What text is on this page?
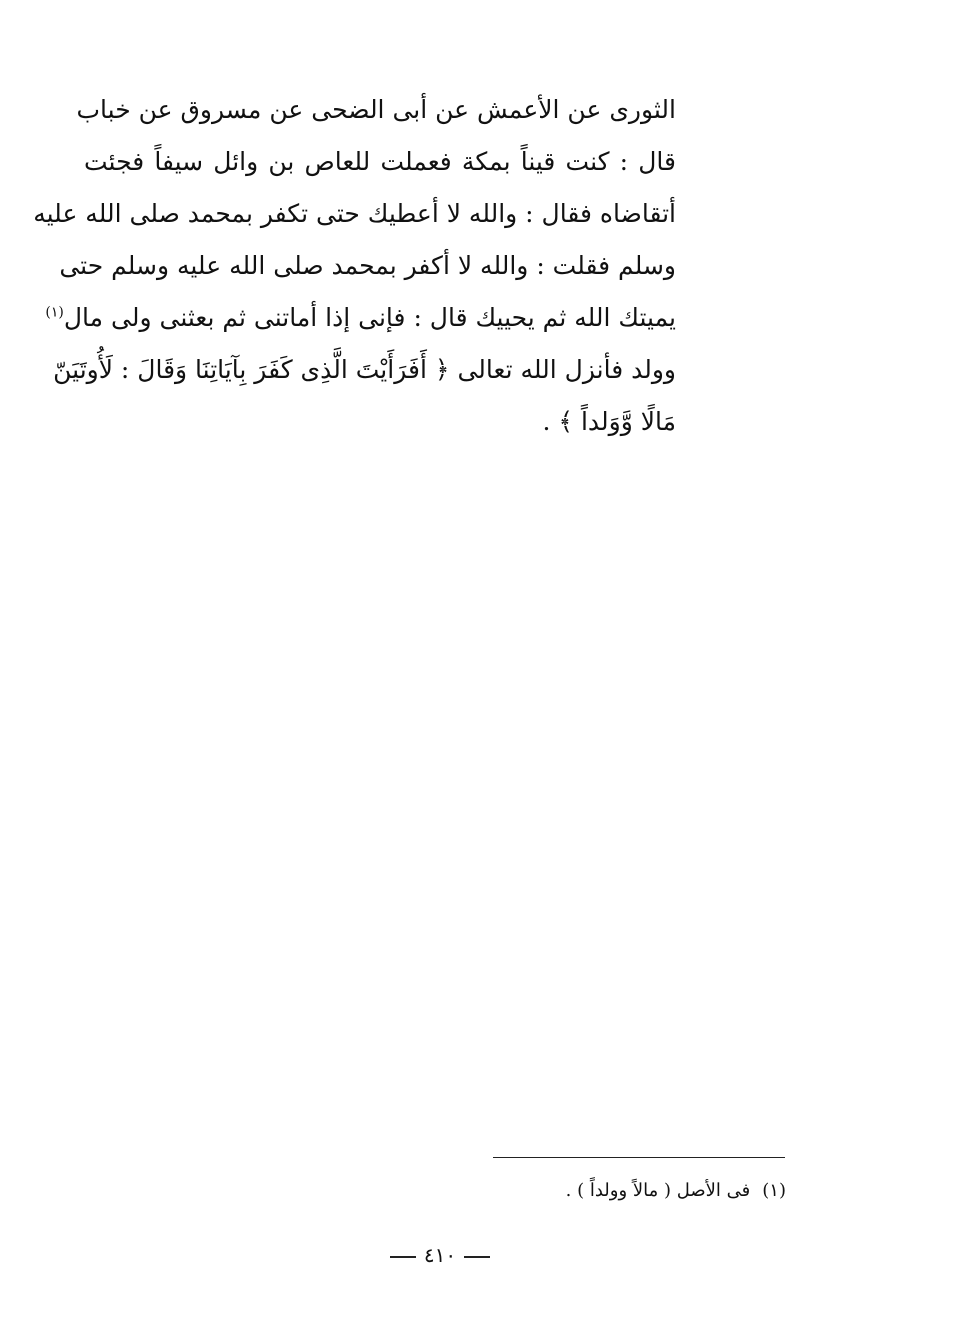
الثورى عن الأعمش عن أبى الضحى عن مسروق عن خباب
قال : كنت قيناً بمكة فعملت للعاص بن وائل سيفاً فجئت
أتقاضاه فقال : والله لا أعطيك حتى تكفر بمحمد صلى الله عليه
وسلم فقلت : والله لا أكفر بمحمد صلى الله عليه وسلم حتى
يميتك الله ثم يحييك قال : فإنى إذا أماتنى ثم بعثنى ولى مال$^{(١)}$
وولد فأنزل الله تعالى ﴿ أَفَرَأَيْتَ الَّذِى كَفَرَ بِآيَاتِنَا وَقَالَ : لَأُوتَيَنّ
مَالًا وَّوَلداً ﴾ .
(١)فى الأصل ( مالاً وولداً ) .
٤١٠
